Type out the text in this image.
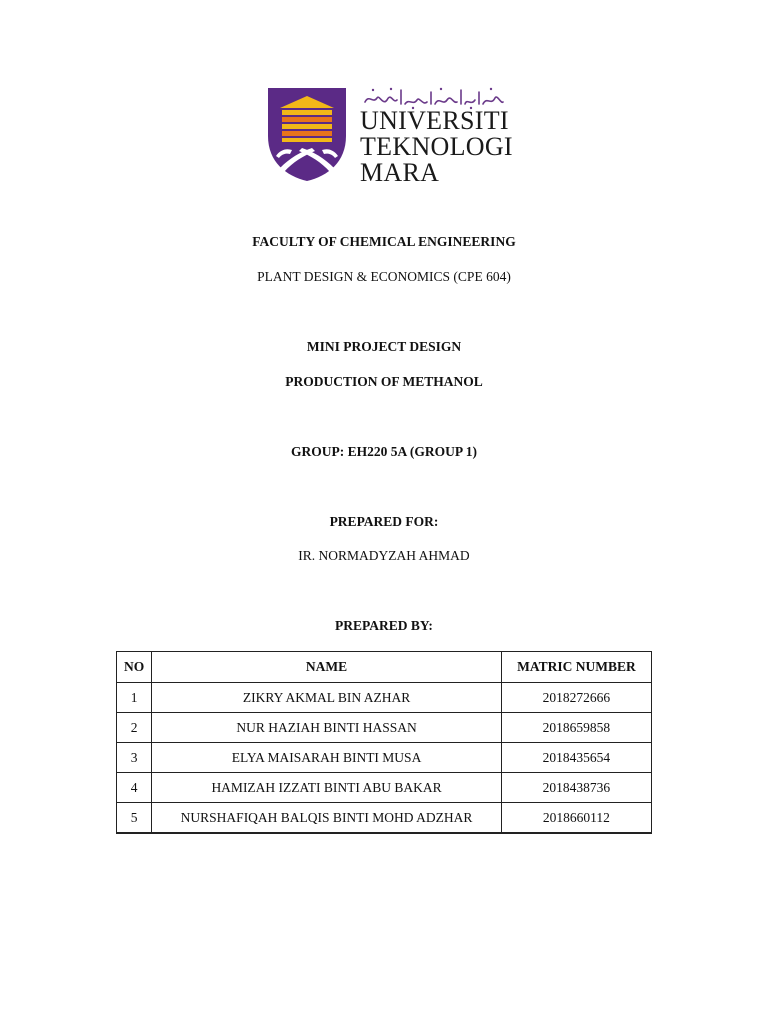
UNIVERSITI
TEKNOLOGI
MARA
FACULTY OF CHEMICAL ENGINEERING
PLANT DESIGN & ECONOMICS (CPE 604)
MINI PROJECT DESIGN
PRODUCTION OF METHANOL
GROUP: EH220 5A (GROUP 1)
PREPARED FOR:
IR. NORMADYZAH AHMAD
PREPARED BY:
NO	NAME	MATRIC NUMBER
1	ZIKRY AKMAL BIN AZHAR	2018272666
2	NUR HAZIAH BINTI HASSAN	2018659858
3	ELYA MAISARAH BINTI MUSA	2018435654
4	HAMIZAH IZZATI BINTI ABU BAKAR	2018438736
5	NURSHAFIQAH BALQIS BINTI MOHD ADZHAR	2018660112
